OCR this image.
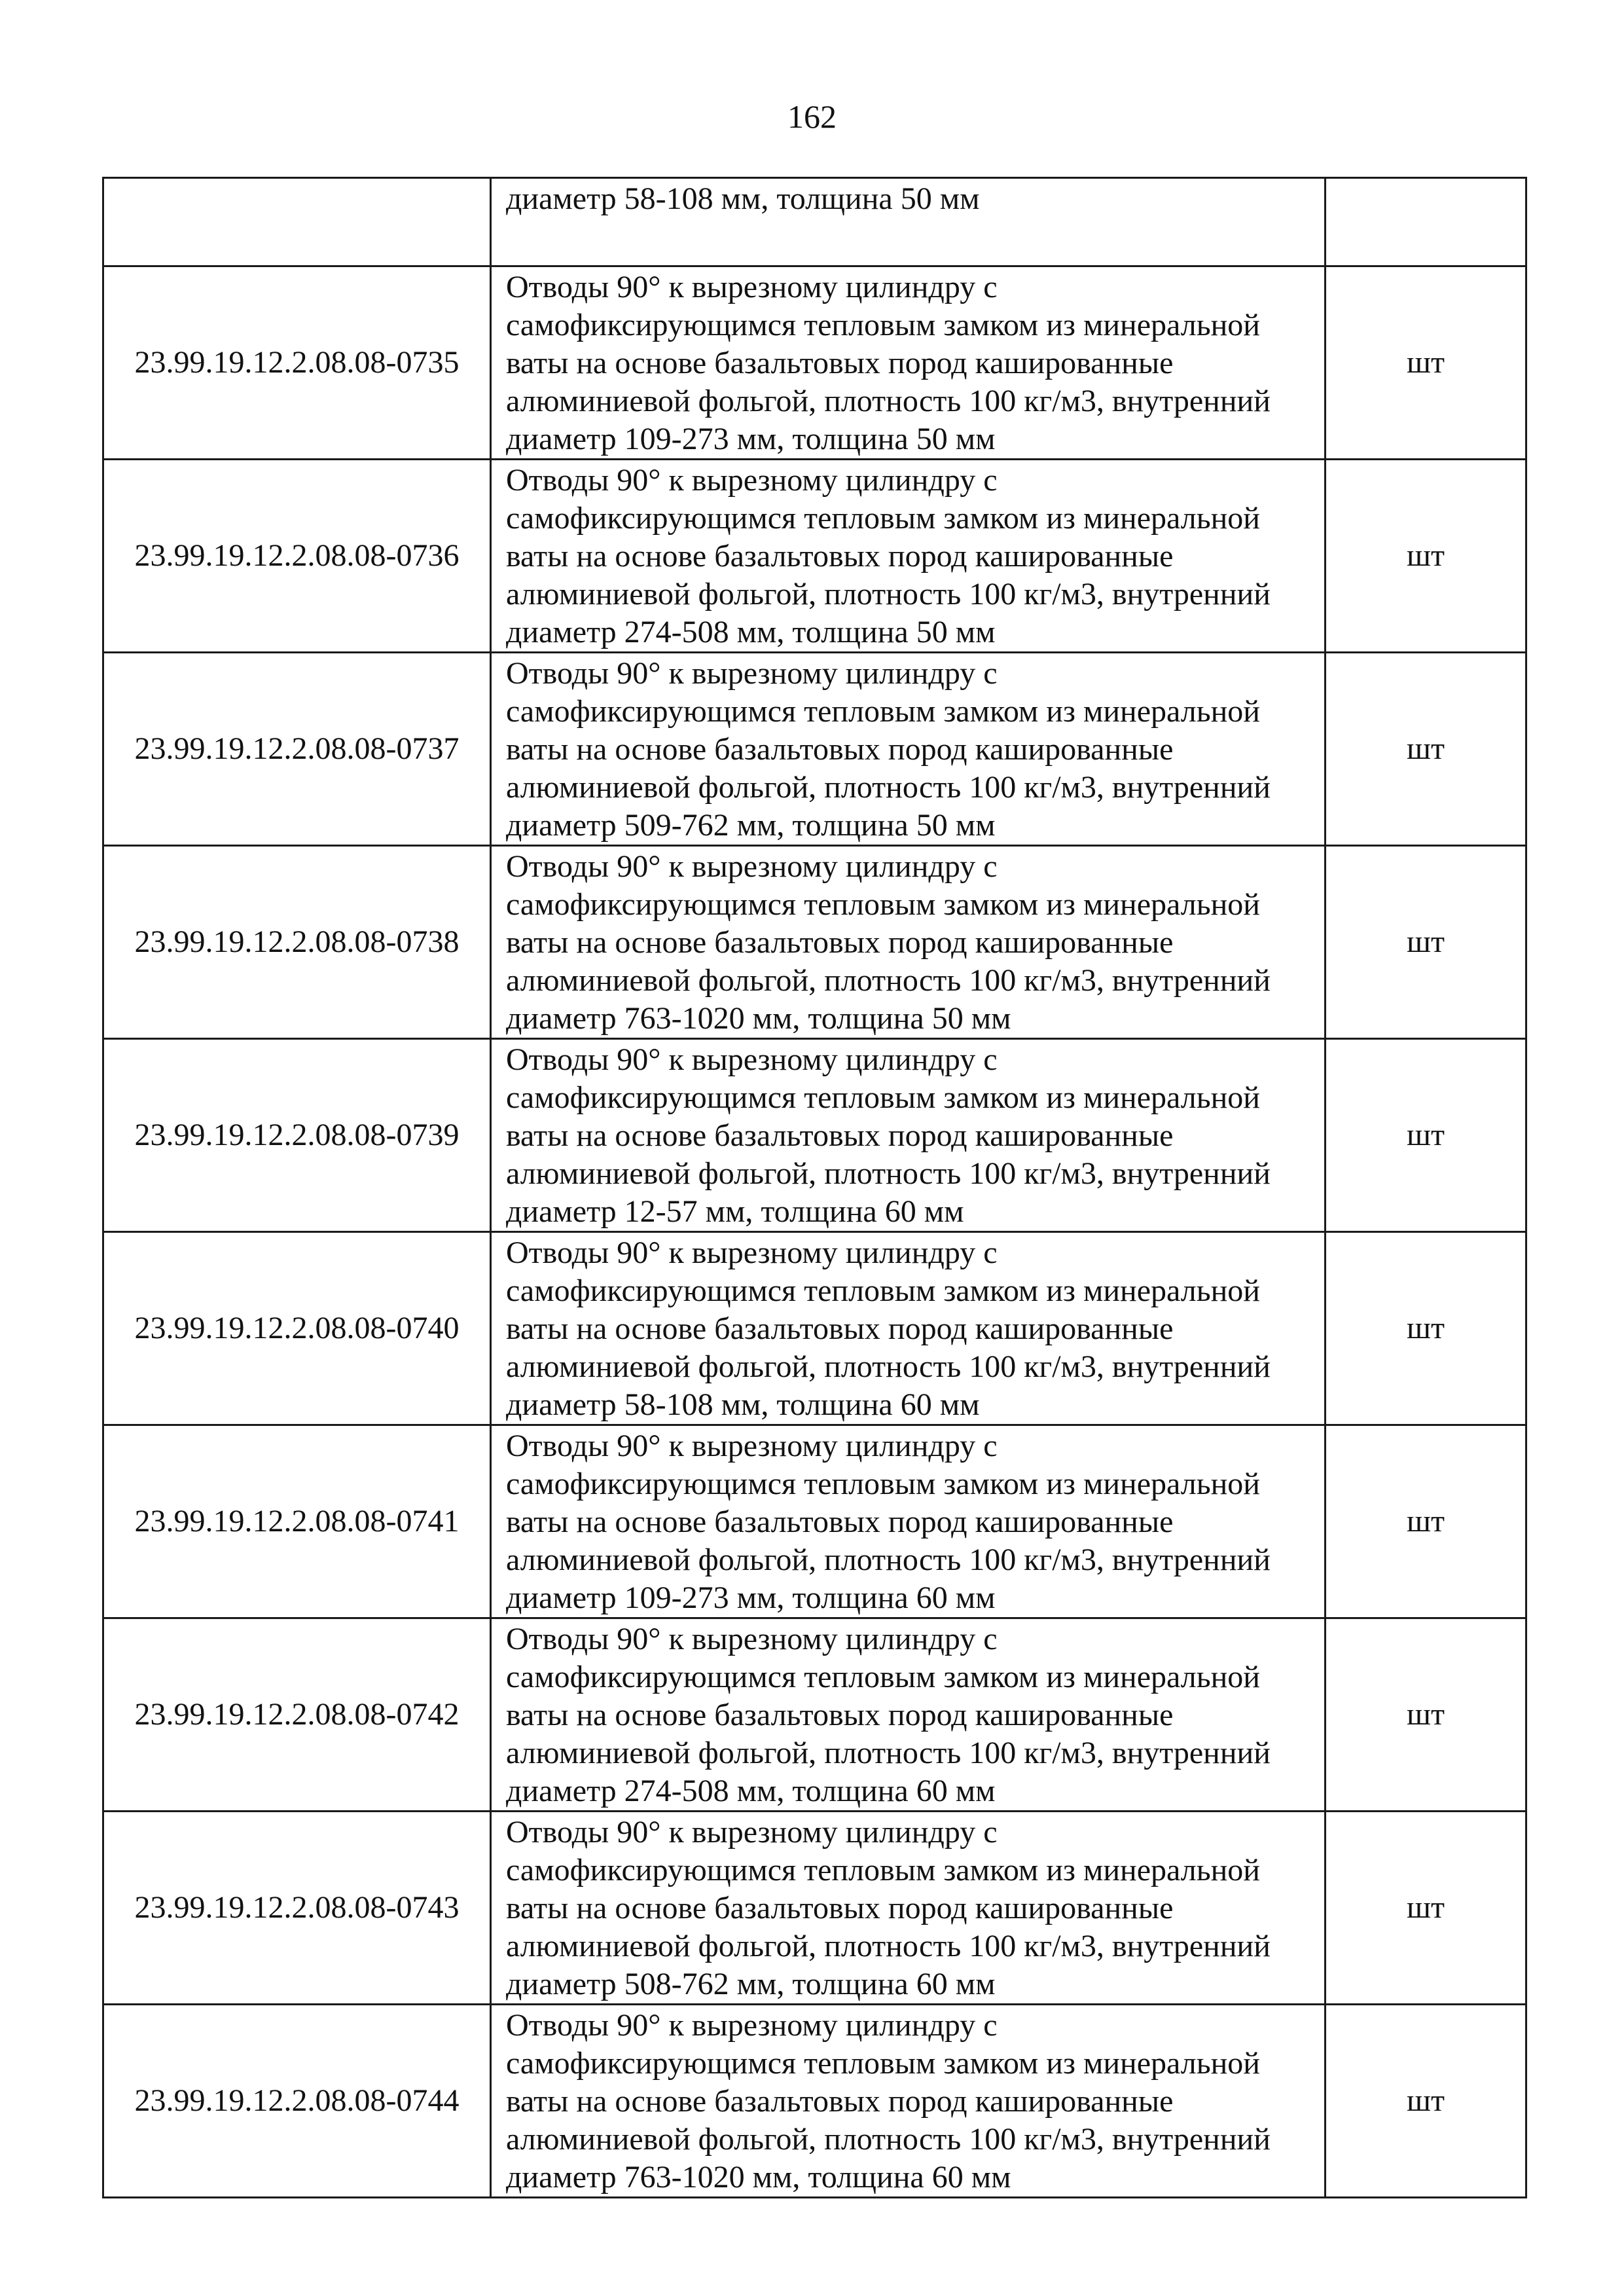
162
	диаметр 58-108 мм, толщина 50 мм	
23.99.19.12.2.08.08-0735	Отводы 90° к вырезному цилиндру с
самофиксирующимся тепловым замком из минеральной
ваты на основе базальтовых пород кашированные
алюминиевой фольгой, плотность 100 кг/м3, внутренний
диаметр 109-273 мм, толщина 50 мм	шт
23.99.19.12.2.08.08-0736	Отводы 90° к вырезному цилиндру с
самофиксирующимся тепловым замком из минеральной
ваты на основе базальтовых пород кашированные
алюминиевой фольгой, плотность 100 кг/м3, внутренний
диаметр 274-508 мм, толщина 50 мм	шт
23.99.19.12.2.08.08-0737	Отводы 90° к вырезному цилиндру с
самофиксирующимся тепловым замком из минеральной
ваты на основе базальтовых пород кашированные
алюминиевой фольгой, плотность 100 кг/м3, внутренний
диаметр 509-762 мм, толщина 50 мм	шт
23.99.19.12.2.08.08-0738	Отводы 90° к вырезному цилиндру с
самофиксирующимся тепловым замком из минеральной
ваты на основе базальтовых пород кашированные
алюминиевой фольгой, плотность 100 кг/м3, внутренний
диаметр 763-1020 мм, толщина 50 мм	шт
23.99.19.12.2.08.08-0739	Отводы 90° к вырезному цилиндру с
самофиксирующимся тепловым замком из минеральной
ваты на основе базальтовых пород кашированные
алюминиевой фольгой, плотность 100 кг/м3, внутренний
диаметр 12-57 мм, толщина 60 мм	шт
23.99.19.12.2.08.08-0740	Отводы 90° к вырезному цилиндру с
самофиксирующимся тепловым замком из минеральной
ваты на основе базальтовых пород кашированные
алюминиевой фольгой, плотность 100 кг/м3, внутренний
диаметр 58-108 мм, толщина 60 мм	шт
23.99.19.12.2.08.08-0741	Отводы 90° к вырезному цилиндру с
самофиксирующимся тепловым замком из минеральной
ваты на основе базальтовых пород кашированные
алюминиевой фольгой, плотность 100 кг/м3, внутренний
диаметр 109-273 мм, толщина 60 мм	шт
23.99.19.12.2.08.08-0742	Отводы 90° к вырезному цилиндру с
самофиксирующимся тепловым замком из минеральной
ваты на основе базальтовых пород кашированные
алюминиевой фольгой, плотность 100 кг/м3, внутренний
диаметр 274-508 мм, толщина 60 мм	шт
23.99.19.12.2.08.08-0743	Отводы 90° к вырезному цилиндру с
самофиксирующимся тепловым замком из минеральной
ваты на основе базальтовых пород кашированные
алюминиевой фольгой, плотность 100 кг/м3, внутренний
диаметр 508-762 мм, толщина 60 мм	шт
23.99.19.12.2.08.08-0744	Отводы 90° к вырезному цилиндру с
самофиксирующимся тепловым замком из минеральной
ваты на основе базальтовых пород кашированные
алюминиевой фольгой, плотность 100 кг/м3, внутренний
диаметр 763-1020 мм, толщина 60 мм	шт
